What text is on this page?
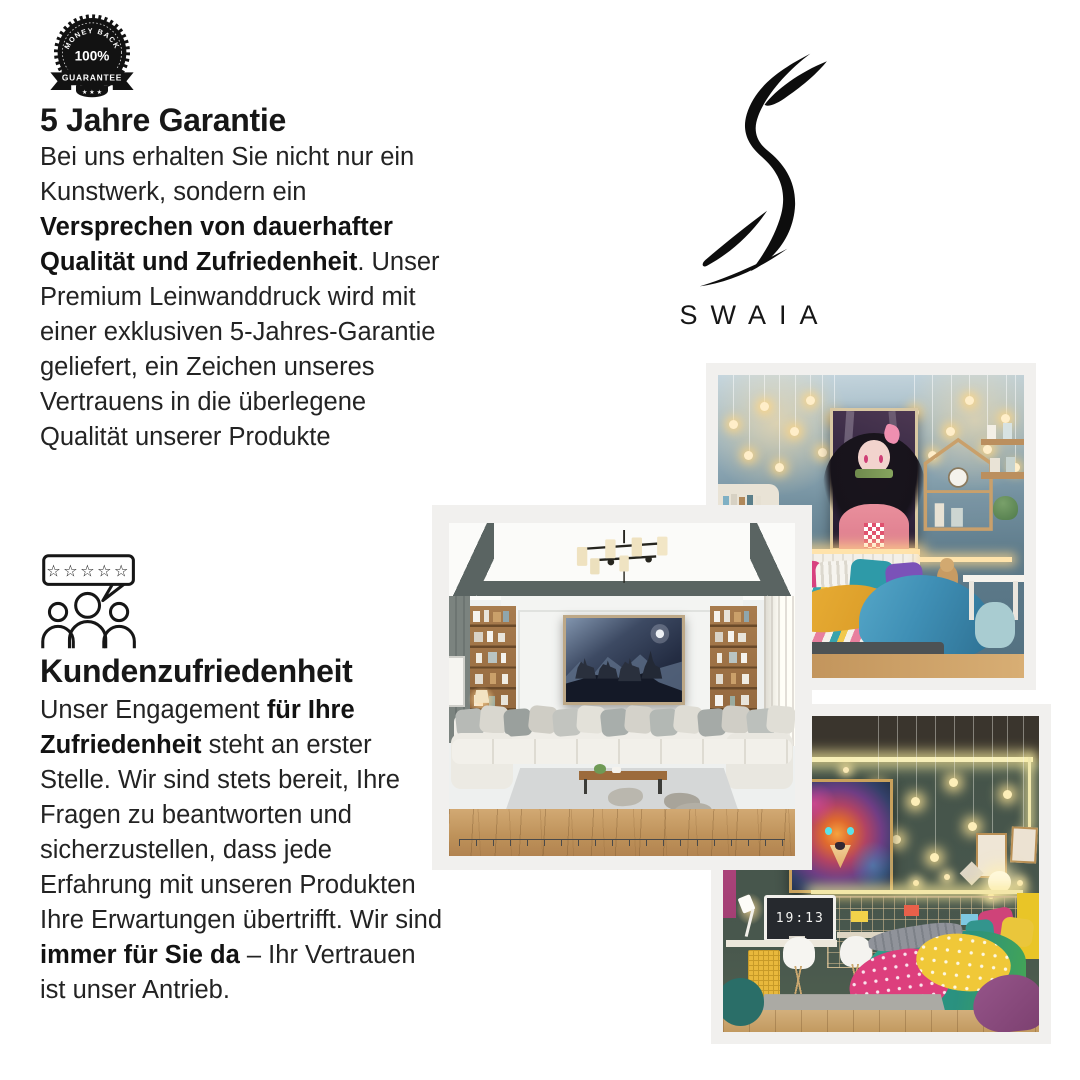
MONEY BACK
100%
GUARANTEE
★ ★ ★
5 Jahre Garantie

Bei uns erhalten Sie nicht nur ein Kunstwerk, sondern ein Versprechen von dauerhafter Qualität und Zufriedenheit. Unser Premium Leinwanddruck wird mit einer exklusiven 5-Jahres-Garantie geliefert, ein Zeichen unseres Vertrauens in die überlegene Qualität unserer Produkte

☆☆☆☆☆
Kundenzufriedenheit

Unser Engagement für Ihre Zufriedenheit steht an erster Stelle. Wir sind stets bereit, Ihre Fragen zu beantworten und sicherzustellen, dass jede Erfahrung mit unseren Produkten Ihre Erwartungen übertrifft. Wir sind immer für Sie da – Ihr Vertrauen ist unser Antrieb.

SWAIA
19:13
